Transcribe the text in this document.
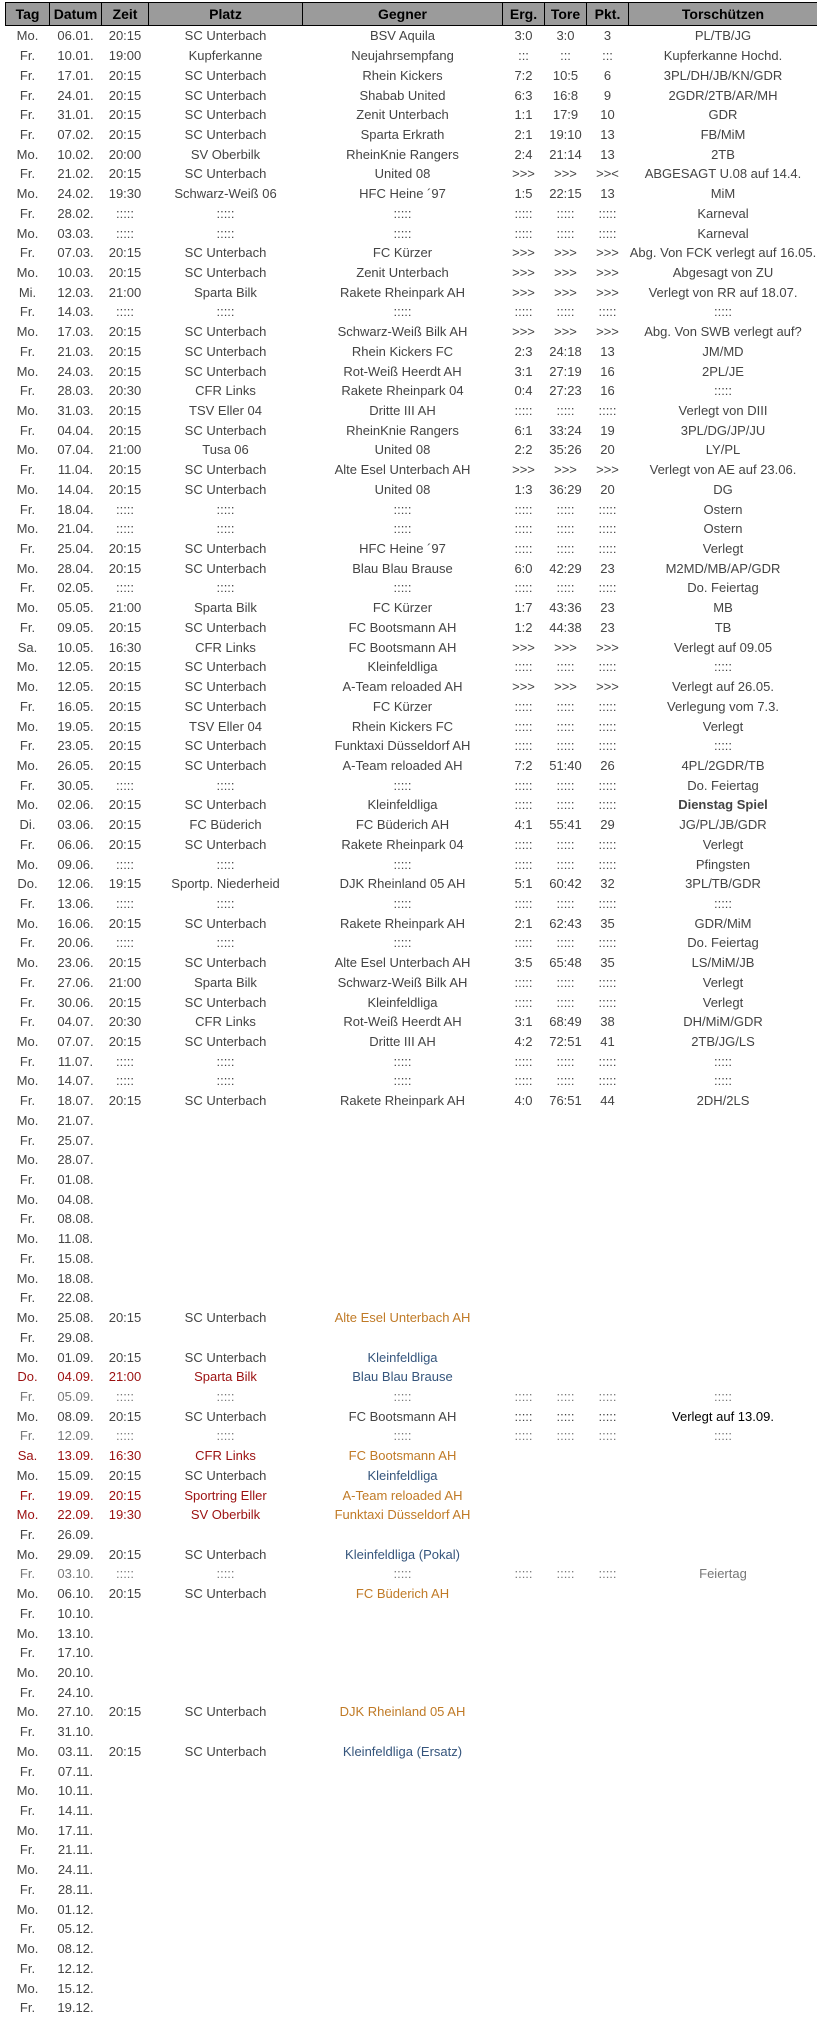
Tag	Datum	Zeit	Platz	Gegner	Erg.	Tore	Pkt.	Torschützen
Mo.	06.01.	20:15	SC Unterbach	BSV Aquila	3:0	3:0	3	PL/TB/JG
Fr.	10.01.	19:00	Kupferkanne	Neujahrsempfang	:::	:::	:::	Kupferkanne Hochd.
Fr.	17.01.	20:15	SC Unterbach	Rhein Kickers	7:2	10:5	6	3PL/DH/JB/KN/GDR
Fr.	24.01.	20:15	SC Unterbach	Shabab United	6:3	16:8	9	2GDR/2TB/AR/MH
Fr.	31.01.	20:15	SC Unterbach	Zenit Unterbach	1:1	17:9	10	GDR
Fr.	07.02.	20:15	SC Unterbach	Sparta Erkrath	2:1	19:10	13	FB/MiM
Mo.	10.02.	20:00	SV Oberbilk	RheinKnie Rangers	2:4	21:14	13	2TB
Fr.	21.02.	20:15	SC Unterbach	United 08	>>>	>>>	>><	ABGESAGT U.08 auf 14.4.
Mo.	24.02.	19:30	Schwarz-Weiß 06	HFC Heine ´97	1:5	22:15	13	MiM
Fr.	28.02.	:::::	:::::	:::::	:::::	:::::	:::::	Karneval
Mo.	03.03.	:::::	:::::	:::::	:::::	:::::	:::::	Karneval
Fr.	07.03.	20:15	SC Unterbach	FC Kürzer	>>>	>>>	>>>	Abg. Von FCK verlegt auf 16.05.
Mo.	10.03.	20:15	SC Unterbach	Zenit Unterbach	>>>	>>>	>>>	Abgesagt von ZU
Mi.	12.03.	21:00	Sparta Bilk	Rakete Rheinpark AH	>>>	>>>	>>>	Verlegt von RR auf 18.07.
Fr.	14.03.	:::::	:::::	:::::	:::::	:::::	:::::	:::::
Mo.	17.03.	20:15	SC Unterbach	Schwarz-Weiß Bilk AH	>>>	>>>	>>>	Abg. Von SWB verlegt auf?
Fr.	21.03.	20:15	SC Unterbach	Rhein Kickers FC	2:3	24:18	13	JM/MD
Mo.	24.03.	20:15	SC Unterbach	Rot-Weiß Heerdt AH	3:1	27:19	16	2PL/JE
Fr.	28.03.	20:30	CFR Links	Rakete Rheinpark 04	0:4	27:23	16	:::::
Mo.	31.03.	20:15	TSV Eller 04	Dritte III AH	:::::	:::::	:::::	Verlegt von DIII
Fr.	04.04.	20:15	SC Unterbach	RheinKnie Rangers	6:1	33:24	19	3PL/DG/JP/JU
Mo.	07.04.	21:00	Tusa 06	United 08	2:2	35:26	20	LY/PL
Fr.	11.04.	20:15	SC Unterbach	Alte Esel Unterbach AH	>>>	>>>	>>>	Verlegt von AE auf 23.06.
Mo.	14.04.	20:15	SC Unterbach	United 08	1:3	36:29	20	DG
Fr.	18.04.	:::::	:::::	:::::	:::::	:::::	:::::	Ostern
Mo.	21.04.	:::::	:::::	:::::	:::::	:::::	:::::	Ostern
Fr.	25.04.	20:15	SC Unterbach	HFC Heine ´97	:::::	:::::	:::::	Verlegt
Mo.	28.04.	20:15	SC Unterbach	Blau Blau Brause	6:0	42:29	23	M2MD/MB/AP/GDR
Fr.	02.05.	:::::	:::::	:::::	:::::	:::::	:::::	Do. Feiertag
Mo.	05.05.	21:00	Sparta Bilk	FC Kürzer	1:7	43:36	23	MB
Fr.	09.05.	20:15	SC Unterbach	FC Bootsmann AH	1:2	44:38	23	TB
Sa.	10.05.	16:30	CFR Links	FC Bootsmann AH	>>>	>>>	>>>	Verlegt auf 09.05
Mo.	12.05.	20:15	SC Unterbach	Kleinfeldliga	:::::	:::::	:::::	:::::
Mo.	12.05.	20:15	SC Unterbach	A-Team reloaded AH	>>>	>>>	>>>	Verlegt auf 26.05.
Fr.	16.05.	20:15	SC Unterbach	FC Kürzer	:::::	:::::	:::::	Verlegung vom 7.3.
Mo.	19.05.	20:15	TSV Eller 04	Rhein Kickers FC	:::::	:::::	:::::	Verlegt
Fr.	23.05.	20:15	SC Unterbach	Funktaxi Düsseldorf AH	:::::	:::::	:::::	:::::
Mo.	26.05.	20:15	SC Unterbach	A-Team reloaded AH	7:2	51:40	26	4PL/2GDR/TB
Fr.	30.05.	:::::	:::::	:::::	:::::	:::::	:::::	Do. Feiertag
Mo.	02.06.	20:15	SC Unterbach	Kleinfeldliga	:::::	:::::	:::::	Dienstag Spiel
Di.	03.06.	20:15	FC Büderich	FC Büderich AH	4:1	55:41	29	JG/PL/JB/GDR
Fr.	06.06.	20:15	SC Unterbach	Rakete Rheinpark 04	:::::	:::::	:::::	Verlegt
Mo.	09.06.	:::::	:::::	:::::	:::::	:::::	:::::	Pfingsten
Do.	12.06.	19:15	Sportp. Niederheid	DJK Rheinland 05 AH	5:1	60:42	32	3PL/TB/GDR
Fr.	13.06.	:::::	:::::	:::::	:::::	:::::	:::::	:::::
Mo.	16.06.	20:15	SC Unterbach	Rakete Rheinpark AH	2:1	62:43	35	GDR/MiM
Fr.	20.06.	:::::	:::::	:::::	:::::	:::::	:::::	Do. Feiertag
Mo.	23.06.	20:15	SC Unterbach	Alte Esel Unterbach AH	3:5	65:48	35	LS/MiM/JB
Fr.	27.06.	21:00	Sparta Bilk	Schwarz-Weiß Bilk AH	:::::	:::::	:::::	Verlegt
Fr.	30.06.	20:15	SC Unterbach	Kleinfeldliga	:::::	:::::	:::::	Verlegt
Fr.	04.07.	20:30	CFR Links	Rot-Weiß Heerdt AH	3:1	68:49	38	DH/MiM/GDR
Mo.	07.07.	20:15	SC Unterbach	Dritte III AH	4:2	72:51	41	2TB/JG/LS
Fr.	11.07.	:::::	:::::	:::::	:::::	:::::	:::::	:::::
Mo.	14.07.	:::::	:::::	:::::	:::::	:::::	:::::	:::::
Fr.	18.07.	20:15	SC Unterbach	Rakete Rheinpark AH	4:0	76:51	44	2DH/2LS
Mo.	21.07.							
Fr.	25.07.							
Mo.	28.07.							
Fr.	01.08.							
Mo.	04.08.							
Fr.	08.08.							
Mo.	11.08.							
Fr.	15.08.							
Mo.	18.08.							
Fr.	22.08.							
Mo.	25.08.	20:15	SC Unterbach	Alte Esel Unterbach AH				
Fr.	29.08.							
Mo.	01.09.	20:15	SC Unterbach	Kleinfeldliga				
Do.	04.09.	21:00	Sparta Bilk	Blau Blau Brause				
Fr.	05.09.	:::::	:::::	:::::	:::::	:::::	:::::	:::::
Mo.	08.09.	20:15	SC Unterbach	FC Bootsmann AH	:::::	:::::	:::::	Verlegt auf 13.09.
Fr.	12.09.	:::::	:::::	:::::	:::::	:::::	:::::	:::::
Sa.	13.09.	16:30	CFR Links	FC Bootsmann AH				
Mo.	15.09.	20:15	SC Unterbach	Kleinfeldliga				
Fr.	19.09.	20:15	Sportring Eller	A-Team reloaded AH				
Mo.	22.09.	19:30	SV Oberbilk	Funktaxi Düsseldorf AH				
Fr.	26.09.							
Mo.	29.09.	20:15	SC Unterbach	Kleinfeldliga (Pokal)				
Fr.	03.10.	:::::	:::::	:::::	:::::	:::::	:::::	Feiertag
Mo.	06.10.	20:15	SC Unterbach	FC Büderich AH				
Fr.	10.10.							
Mo.	13.10.							
Fr.	17.10.							
Mo.	20.10.							
Fr.	24.10.							
Mo.	27.10.	20:15	SC Unterbach	DJK Rheinland 05 AH				
Fr.	31.10.							
Mo.	03.11.	20:15	SC Unterbach	Kleinfeldliga (Ersatz)				
Fr.	07.11.							
Mo.	10.11.							
Fr.	14.11.							
Mo.	17.11.							
Fr.	21.11.							
Mo.	24.11.							
Fr.	28.11.							
Mo.	01.12.							
Fr.	05.12.							
Mo.	08.12.							
Fr.	12.12.							
Mo.	15.12.							
Fr.	19.12.							
